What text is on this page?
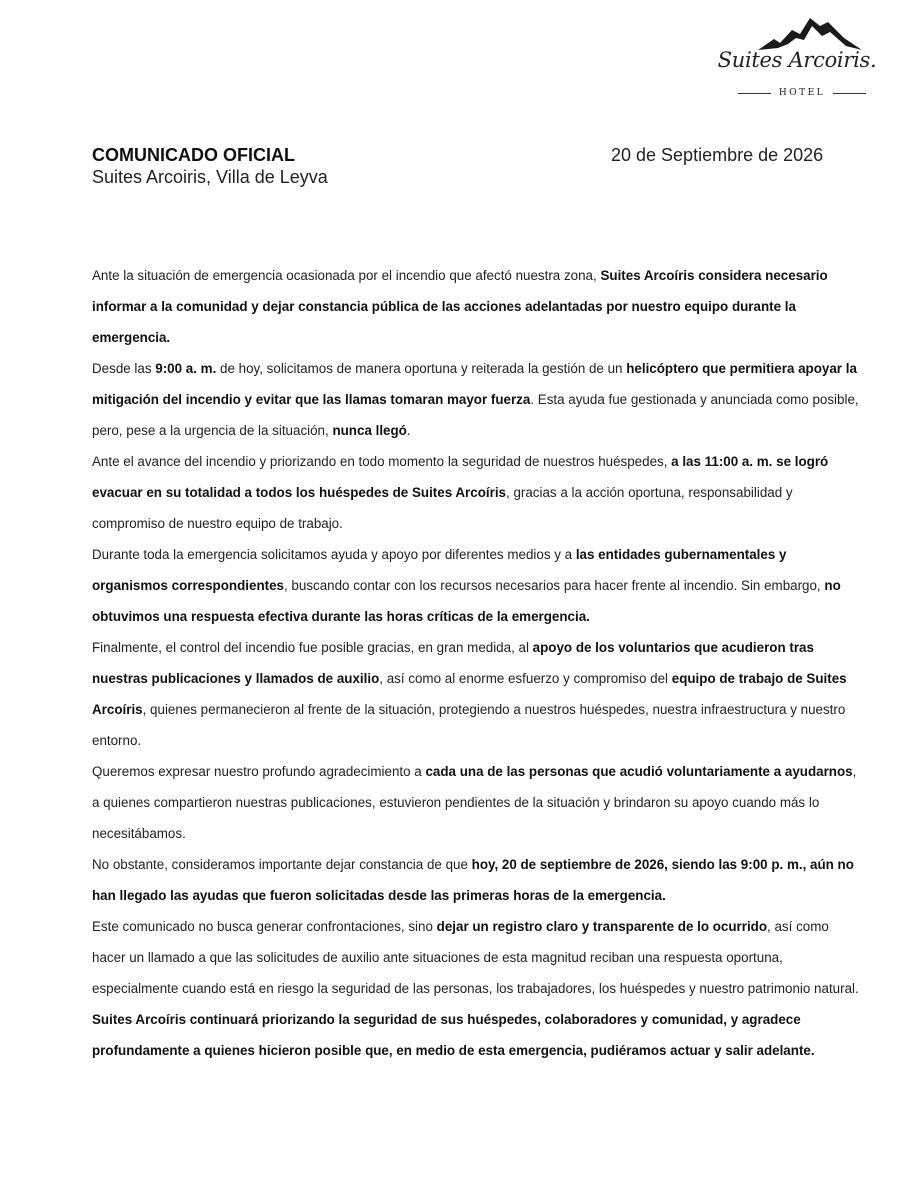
Suites Arcoiris.
HOTEL
COMUNICADO OFICIAL
Suites Arcoiris, Villa de Leyva
20 de Septiembre de 2026

Ante la situación de emergencia ocasionada por el incendio que afectó nuestra zona, Suites Arcoíris considera necesario informar a la comunidad y dejar constancia pública de las acciones adelantadas por nuestro equipo durante la emergencia.

Desde las 9:00 a. m. de hoy, solicitamos de manera oportuna y reiterada la gestión de un helicóptero que permitiera apoyar la mitigación del incendio y evitar que las llamas tomaran mayor fuerza. Esta ayuda fue gestionada y anunciada como posible, pero, pese a la urgencia de la situación, nunca llegó.

Ante el avance del incendio y priorizando en todo momento la seguridad de nuestros huéspedes, a las 11:00 a. m. se logró evacuar en su totalidad a todos los huéspedes de Suites Arcoíris, gracias a la acción oportuna, responsabilidad y compromiso de nuestro equipo de trabajo.

Durante toda la emergencia solicitamos ayuda y apoyo por diferentes medios y a las entidades gubernamentales y organismos correspondientes, buscando contar con los recursos necesarios para hacer frente al incendio. Sin embargo, no obtuvimos una respuesta efectiva durante las horas críticas de la emergencia.

Finalmente, el control del incendio fue posible gracias, en gran medida, al apoyo de los voluntarios que acudieron tras nuestras publicaciones y llamados de auxilio, así como al enorme esfuerzo y compromiso del equipo de trabajo de Suites Arcoíris, quienes permanecieron al frente de la situación, protegiendo a nuestros huéspedes, nuestra infraestructura y nuestro entorno.

Queremos expresar nuestro profundo agradecimiento a cada una de las personas que acudió voluntariamente a ayudarnos, a quienes compartieron nuestras publicaciones, estuvieron pendientes de la situación y brindaron su apoyo cuando más lo necesitábamos.

No obstante, consideramos importante dejar constancia de que hoy, 20 de septiembre de 2026, siendo las 9:00 p. m., aún no han llegado las ayudas que fueron solicitadas desde las primeras horas de la emergencia.

Este comunicado no busca generar confrontaciones, sino dejar un registro claro y transparente de lo ocurrido, así como hacer un llamado a que las solicitudes de auxilio ante situaciones de esta magnitud reciban una respuesta oportuna, especialmente cuando está en riesgo la seguridad de las personas, los trabajadores, los huéspedes y nuestro patrimonio natural.

Suites Arcoíris continuará priorizando la seguridad de sus huéspedes, colaboradores y comunidad, y agradece profundamente a quienes hicieron posible que, en medio de esta emergencia, pudiéramos actuar y salir adelante.
